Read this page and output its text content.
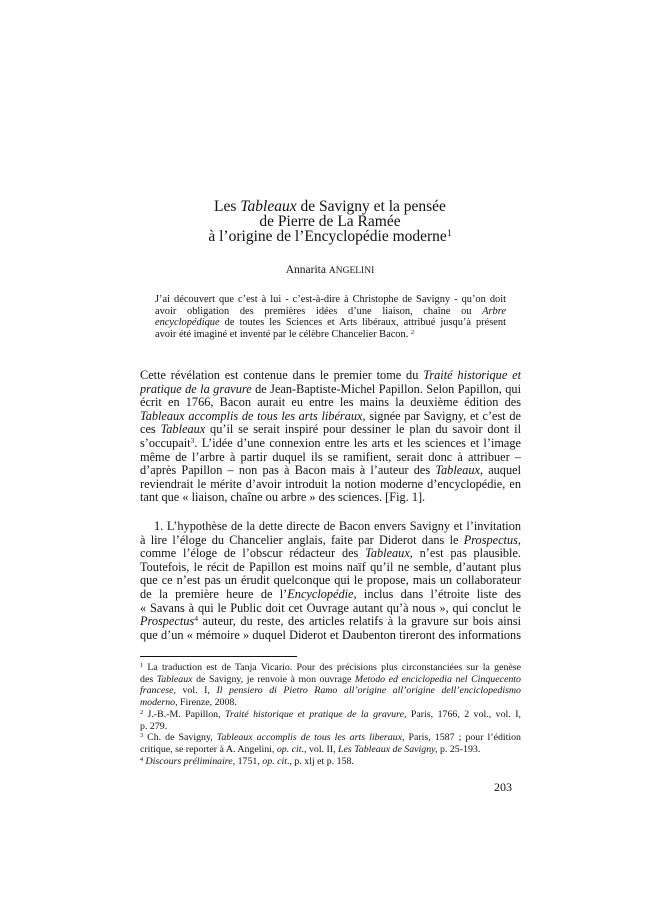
Les Tableaux de Savigny et la pensée
de Pierre de La Ramée
à l’origine de l’Encyclopédie moderne$^1$
Annarita ANGELINI
J’ai découvert que c’est à lui - c’est-à-dire à Christophe de Savigny - qu’on doit
avoir obligation des premières idées d’une liaison, chaîne ou Arbre
encyclopédique de toutes les Sciences et Arts libéraux, attribué jusqu’à présent
avoir été imaginé et inventé par le célèbre Chancelier Bacon. $^2$
Cette révélation est contenue dans le premier tome du Traité historique et
pratique de la gravure de Jean-Baptiste-Michel Papillon. Selon Papillon, qui
écrit en 1766, Bacon aurait eu entre les mains la deuxième édition des
Tableaux accomplis de tous les arts libéraux, signée par Savigny, et c’est de
ces Tableaux qu’il se serait inspiré pour dessiner le plan du savoir dont il
s’occupait$^3$. L’idée d’une connexion entre les arts et les sciences et l’image
même de l’arbre à partir duquel ils se ramifient, serait donc à attribuer –
d’après Papillon – non pas à Bacon mais à l’auteur des Tableaux, auquel
reviendrait le mérite d’avoir introduit la notion moderne d’encyclopédie, en
tant que « liaison, chaîne ou arbre » des sciences. [Fig. 1].
1. L’hypothèse de la dette directe de Bacon envers Savigny et l’invitation
à lire l’éloge du Chancelier anglais, faite par Diderot dans le Prospectus,
comme l’éloge de l’obscur rédacteur des Tableaux, n’est pas plausible.
Toutefois, le récit de Papillon est moins naïf qu’il ne semble, d’autant plus
que ce n’est pas un érudit quelconque qui le propose, mais un collaborateur
de la première heure de l’Encyclopédie, inclus dans l’étroite liste des
« Savans à qui le Public doit cet Ouvrage autant qu’à nous », qui conclut le
Prospectus$^4$ auteur, du reste, des articles relatifs à la gravure sur bois ainsi
que d’un « mémoire » duquel Diderot et Daubenton tireront des informations
$^1$ La traduction est de Tanja Vicario. Pour des précisions plus circonstanciées sur la genèse
des Tableaux de Savigny, je renvoie à mon ouvrage Metodo ed enciclopedia nel Cinquecento
francese, vol. I, Il pensiero di Pietro Ramo all’origine all’origine dell’enciclopedismo
moderno, Firenze, 2008.
$^2$ J.-B.-M. Papillon, Traité historique et pratique de la gravure, Paris, 1766, 2 vol., vol. I,
p. 279.
$^3$ Ch. de Savigny, Tableaux accomplis de tous les arts liberaux, Paris, 1587 ; pour l’édition
critique, se reporter à A. Angelini, op. cit., vol. II, Les Tableaux de Savigny, p. 25-193.
$^4$ Discours préliminaire, 1751, op. cit., p. xlj et p. 158.
203
